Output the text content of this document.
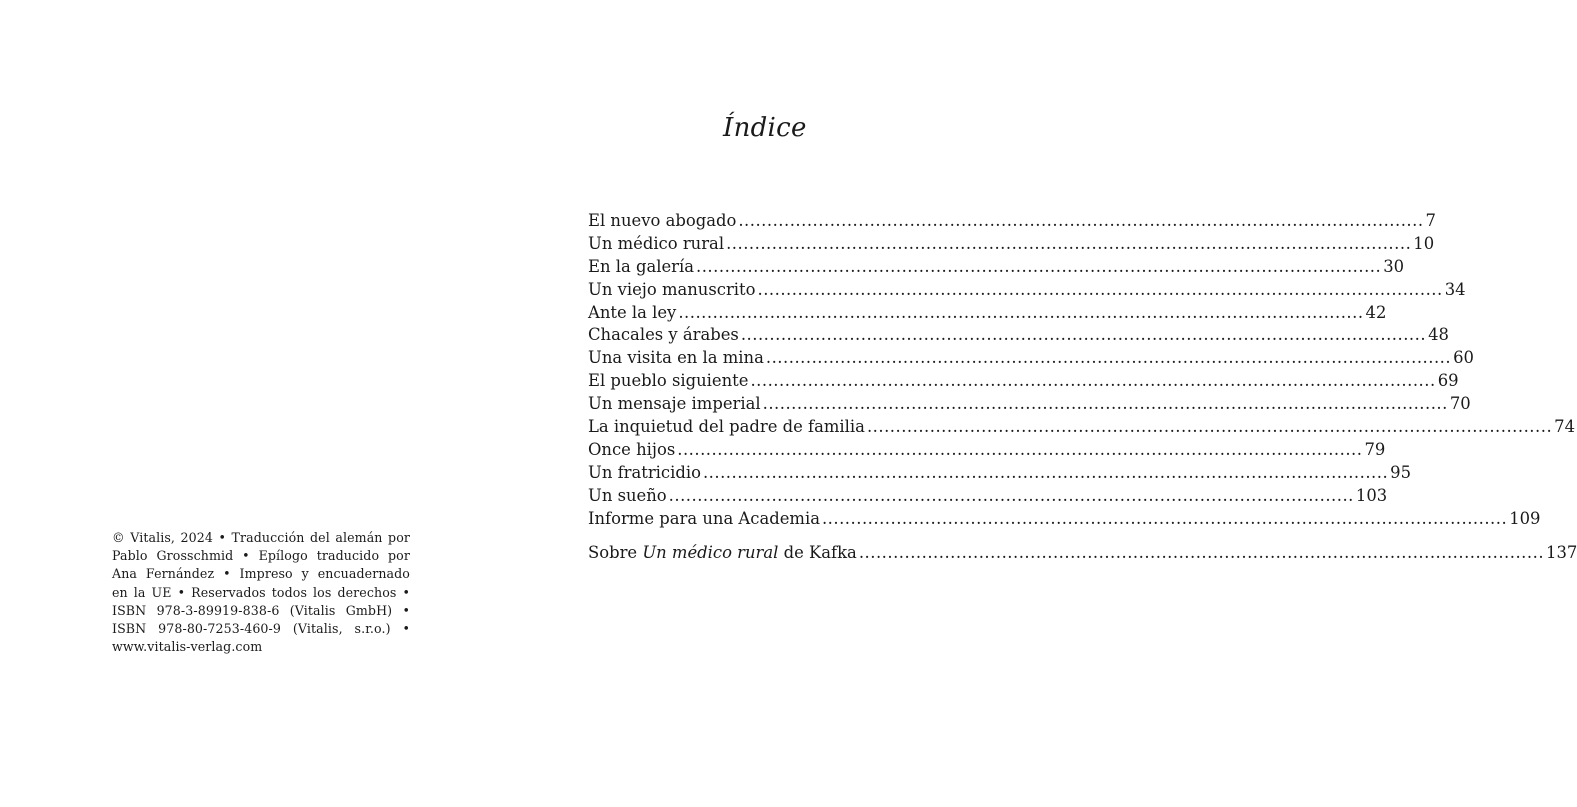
© Vitalis, 2024 • Traducción del alemán por
Pablo Grosschmid • Epílogo traducido por
Ana Fernández • Impreso y encuadernado
en la UE • Reservados todos los derechos •
ISBN 978-3-89919-838-6 (Vitalis GmbH) •
ISBN 978-80-7253-460-9 (Vitalis, s.r.o.) •
www.vitalis-verlag.com
Índice
El nuevo abogado ........................................................................................................................ 7
Un médico rural ........................................................................................................................ 10
En la galería ........................................................................................................................ 30
Un viejo manuscrito ........................................................................................................................ 34
Ante la ley ........................................................................................................................ 42
Chacales y árabes ........................................................................................................................ 48
Una visita en la mina ........................................................................................................................ 60
El pueblo siguiente ........................................................................................................................ 69
Un mensaje imperial ........................................................................................................................ 70
La inquietud del padre de familia ........................................................................................................................ 74
Once hijos ........................................................................................................................ 79
Un fratricidio ........................................................................................................................ 95
Un sueño ........................................................................................................................ 103
Informe para una Academia ........................................................................................................................ 109
Sobre Un médico rural de Kafka ........................................................................................................................ 137
